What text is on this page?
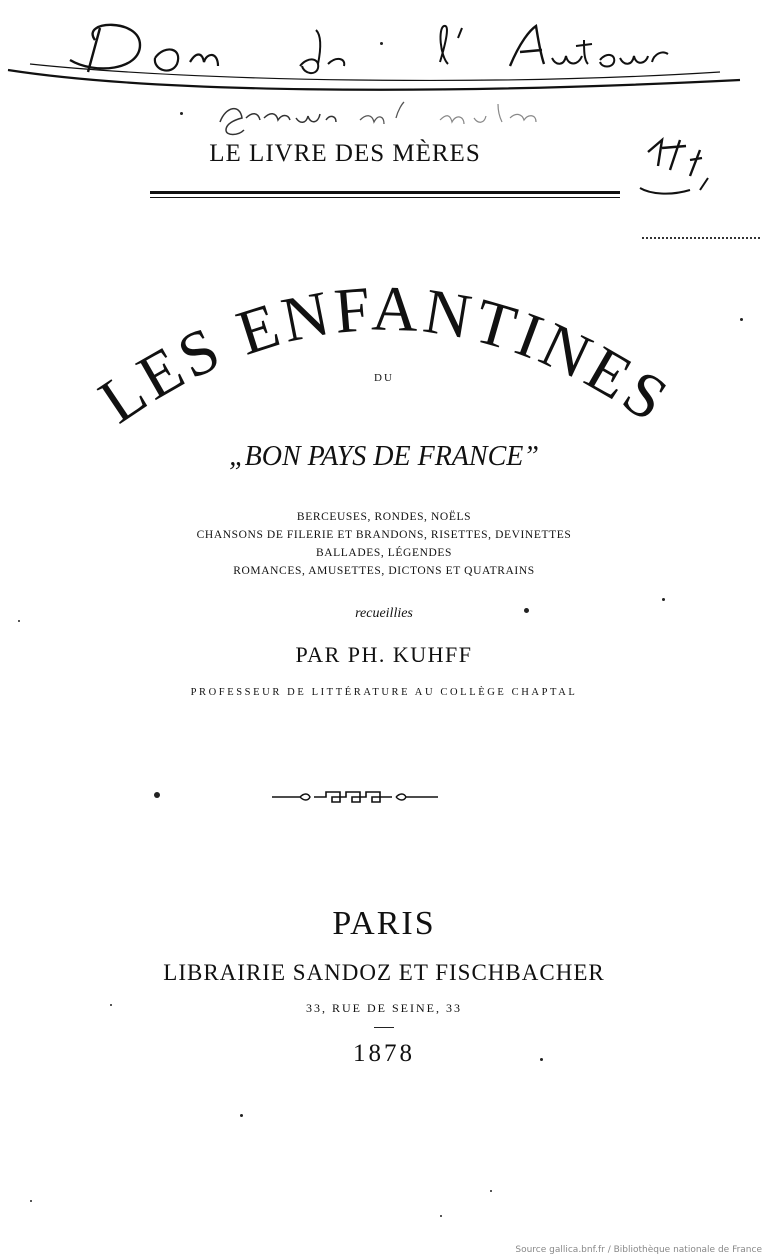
LE LIVRE DES MÈRES
LES ENFANTINES
DU
„BON PAYS DE FRANCE”
BERCEUSES, RONDES, NOËLS
CHANSONS DE FILERIE ET BRANDONS, RISETTES, DEVINETTES
BALLADES, LÉGENDES
ROMANCES, AMUSETTES, DICTONS ET QUATRAINS
recueillies
PAR PH. KUHFF
PROFESSEUR DE LITTÉRATURE AU COLLÈGE CHAPTAL
PARIS
LIBRAIRIE SANDOZ ET FISCHBACHER
33, RUE DE SEINE, 33
1878
Source gallica.bnf.fr / Bibliothèque nationale de France
